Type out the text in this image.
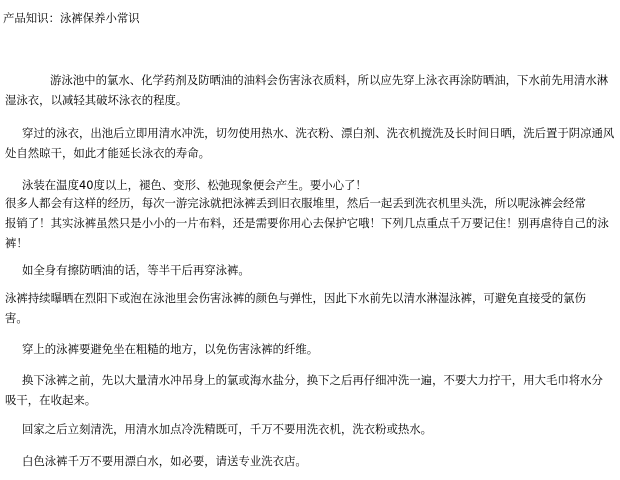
产品知识：泳裤保养小常识
游泳池中的氯水、化学药剂及防晒油的油料会伤害泳衣质料，所以应先穿上泳衣再涂防晒油，下水前先用清水淋
湿泳衣，以减轻其破坏泳衣的程度。
穿过的泳衣，出池后立即用清水冲洗，切勿使用热水、洗衣粉、漂白剂、洗衣机搅洗及长时间日晒，洗后置于阴凉通风
处自然晾干，如此才能延长泳衣的寿命。
泳装在温度40度以上，褪色、变形、松弛现象便会产生。要小心了！
很多人都会有这样的经历，每次一游完泳就把泳裤丢到旧衣服堆里，然后一起丢到洗衣机里头洗，所以呢泳裤会经常
报销了！其实泳裤虽然只是小小的一片布料，还是需要你用心去保护它哦！下列几点重点千万要记住！别再虐待自己的泳
裤！
如全身有擦防晒油的话，等半干后再穿泳裤。
泳裤持续曝晒在烈阳下或泡在泳池里会伤害泳裤的颜色与弹性，因此下水前先以清水淋湿泳裤，可避免直接受的氯伤
害。
穿上的泳裤要避免坐在粗糙的地方，以免伤害泳裤的纤维。
换下泳裤之前，先以大量清水冲吊身上的氯或海水盐分，换下之后再仔细冲洗一遍，不要大力拧干，用大毛巾将水分
吸干，在收起来。
回家之后立刻清洗，用清水加点冷洗精既可，千万不要用洗衣机，洗衣粉或热水。
白色泳裤千万不要用漂白水，如必要，请送专业洗衣店。
